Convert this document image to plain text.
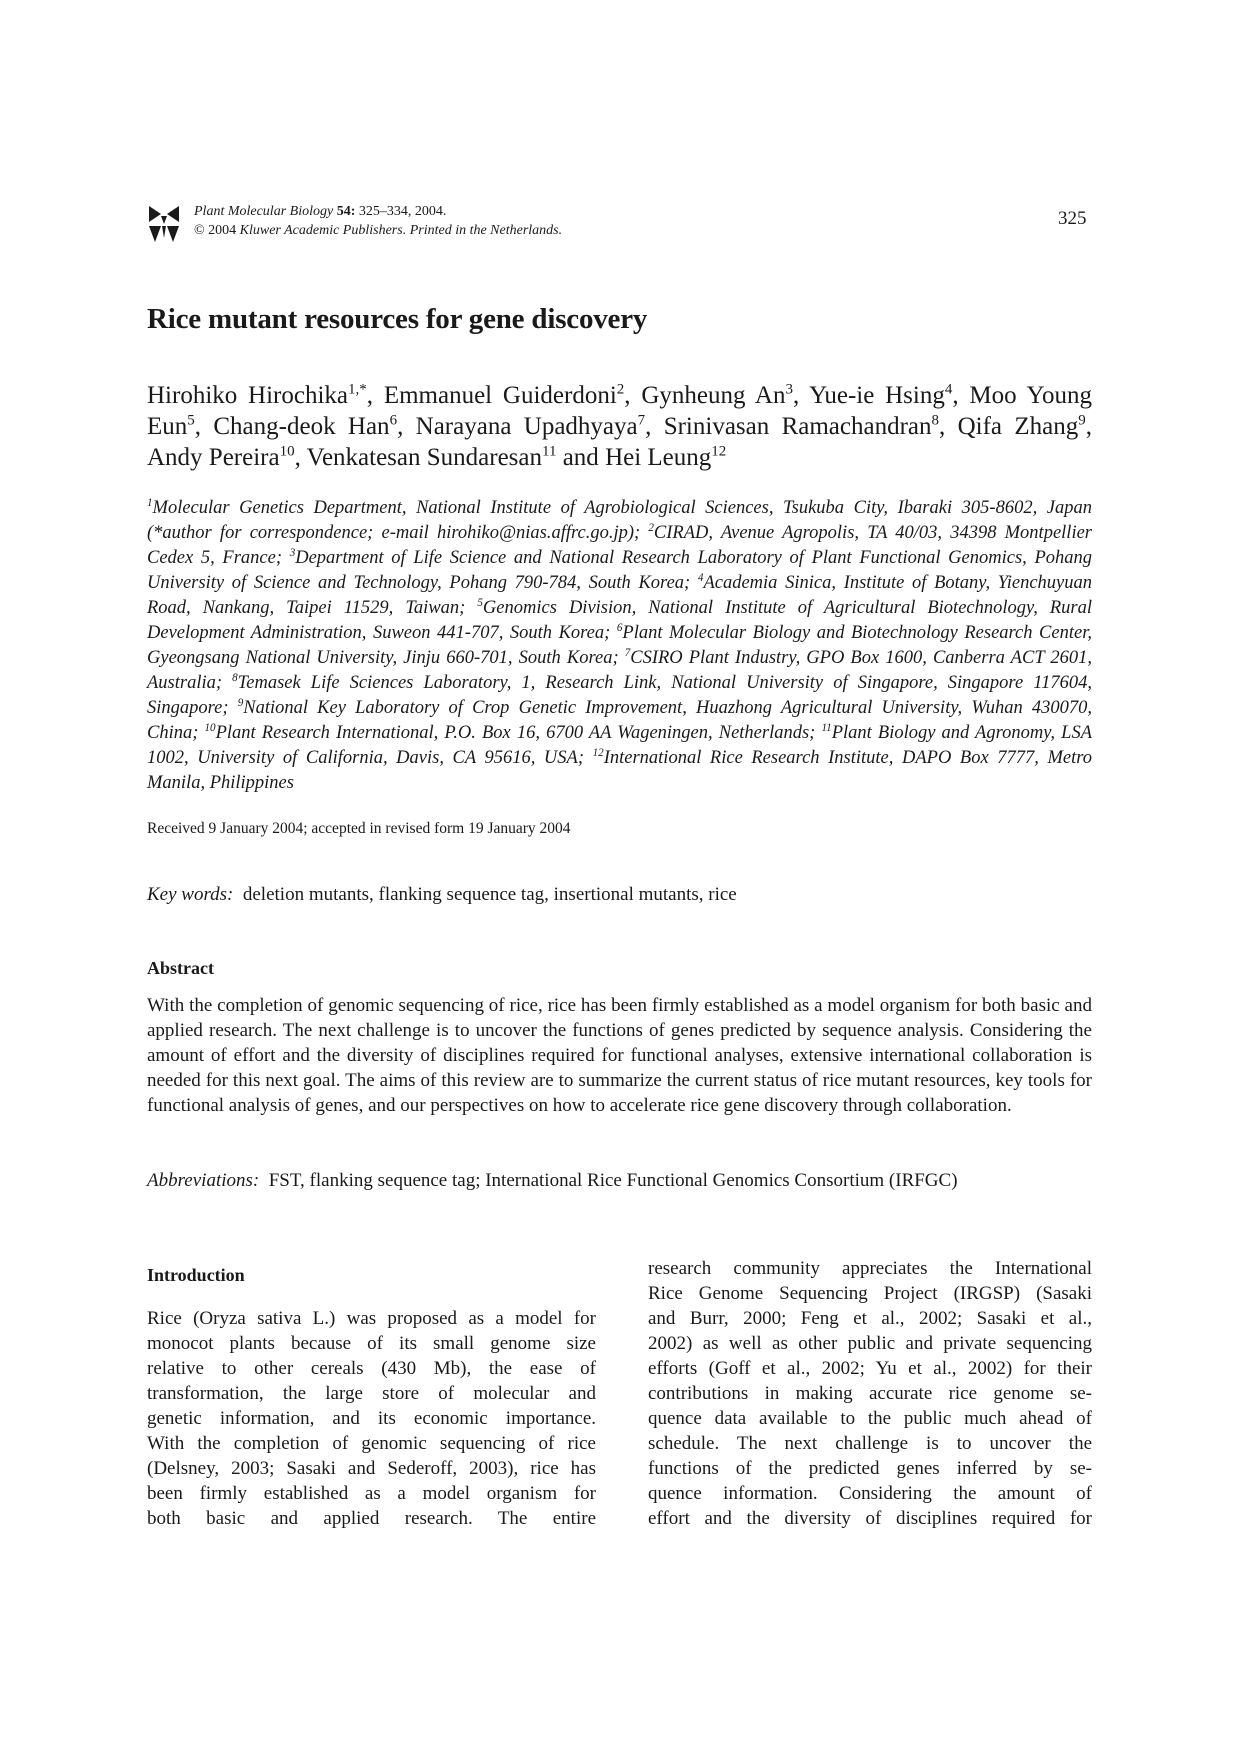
Plant Molecular Biology 54: 325–334, 2004.
© 2004 Kluwer Academic Publishers. Printed in the Netherlands.
325
Rice mutant resources for gene discovery
Hirohiko Hirochika$^{1,*}$, Emmanuel Guiderdoni$^2$, Gynheung An$^3$, Yue-ie Hsing$^4$, Moo Young Eun$^5$, Chang-deok Han$^6$, Narayana Upadhyaya$^7$, Srinivasan Ramachandran$^8$, Qifa Zhang$^9$, Andy Pereira$^{10}$, Venkatesan Sundaresan$^{11}$ and Hei Leung$^{12}$
$^1$Molecular Genetics Department, National Institute of Agrobiological Sciences, Tsukuba City, Ibaraki 305-8602, Japan (*author for correspondence; e-mail hirohiko@nias.affrc.go.jp); $^2$CIRAD, Avenue Agropolis, TA 40/03, 34398 Montpellier Cedex 5, France; $^3$Department of Life Science and National Research Laboratory of Plant Functional Genomics, Pohang University of Science and Technology, Pohang 790-784, South Korea; $^4$Academia Sinica, Institute of Botany, Yienchuyuan Road, Nankang, Taipei 11529, Taiwan; $^5$Genomics Division, National Institute of Agricultural Biotechnology, Rural Development Administration, Suweon 441-707, South Korea; $^6$Plant Molecular Biology and Biotechnology Research Center, Gyeongsang National University, Jinju 660-701, South Korea; $^7$CSIRO Plant Industry, GPO Box 1600, Canberra ACT 2601, Australia; $^8$Temasek Life Sciences Laboratory, 1, Research Link, National University of Singapore, Singapore 117604, Singapore; $^9$National Key Laboratory of Crop Genetic Improvement, Huazhong Agricultural University, Wuhan 430070, China; $^{10}$Plant Research International, P.O. Box 16, 6700 AA Wageningen, Netherlands; $^{11}$Plant Biology and Agronomy, LSA 1002, University of California, Davis, CA 95616, USA; $^{12}$International Rice Research Institute, DAPO Box 7777, Metro Manila, Philippines
Received 9 January 2004; accepted in revised form 19 January 2004
Key words: deletion mutants, flanking sequence tag, insertional mutants, rice
Abstract
With the completion of genomic sequencing of rice, rice has been firmly established as a model organism for both basic and applied research. The next challenge is to uncover the functions of genes predicted by sequence analysis. Considering the amount of effort and the diversity of disciplines required for functional analyses, extensive international collaboration is needed for this next goal. The aims of this review are to summarize the current status of rice mutant resources, key tools for functional analysis of genes, and our perspectives on how to accelerate rice gene discovery through collaboration.
Abbreviations: FST, flanking sequence tag; International Rice Functional Genomics Consortium (IRFGC)
Introduction
Rice (Oryza sativa L.) was proposed as a model for
monocot plants because of its small genome size
relative to other cereals (430 Mb), the ease of
transformation, the large store of molecular and
genetic information, and its economic importance.
With the completion of genomic sequencing of rice
(Delsney, 2003; Sasaki and Sederoff, 2003), rice has
been firmly established as a model organism for
both basic and applied research. The entire
research community appreciates the International
Rice Genome Sequencing Project (IRGSP) (Sasaki
and Burr, 2000; Feng et al., 2002; Sasaki et al.,
2002) as well as other public and private sequencing
efforts (Goff et al., 2002; Yu et al., 2002) for their
contributions in making accurate rice genome se-
quence data available to the public much ahead of
schedule. The next challenge is to uncover the
functions of the predicted genes inferred by se-
quence information. Considering the amount of
effort and the diversity of disciplines required for
